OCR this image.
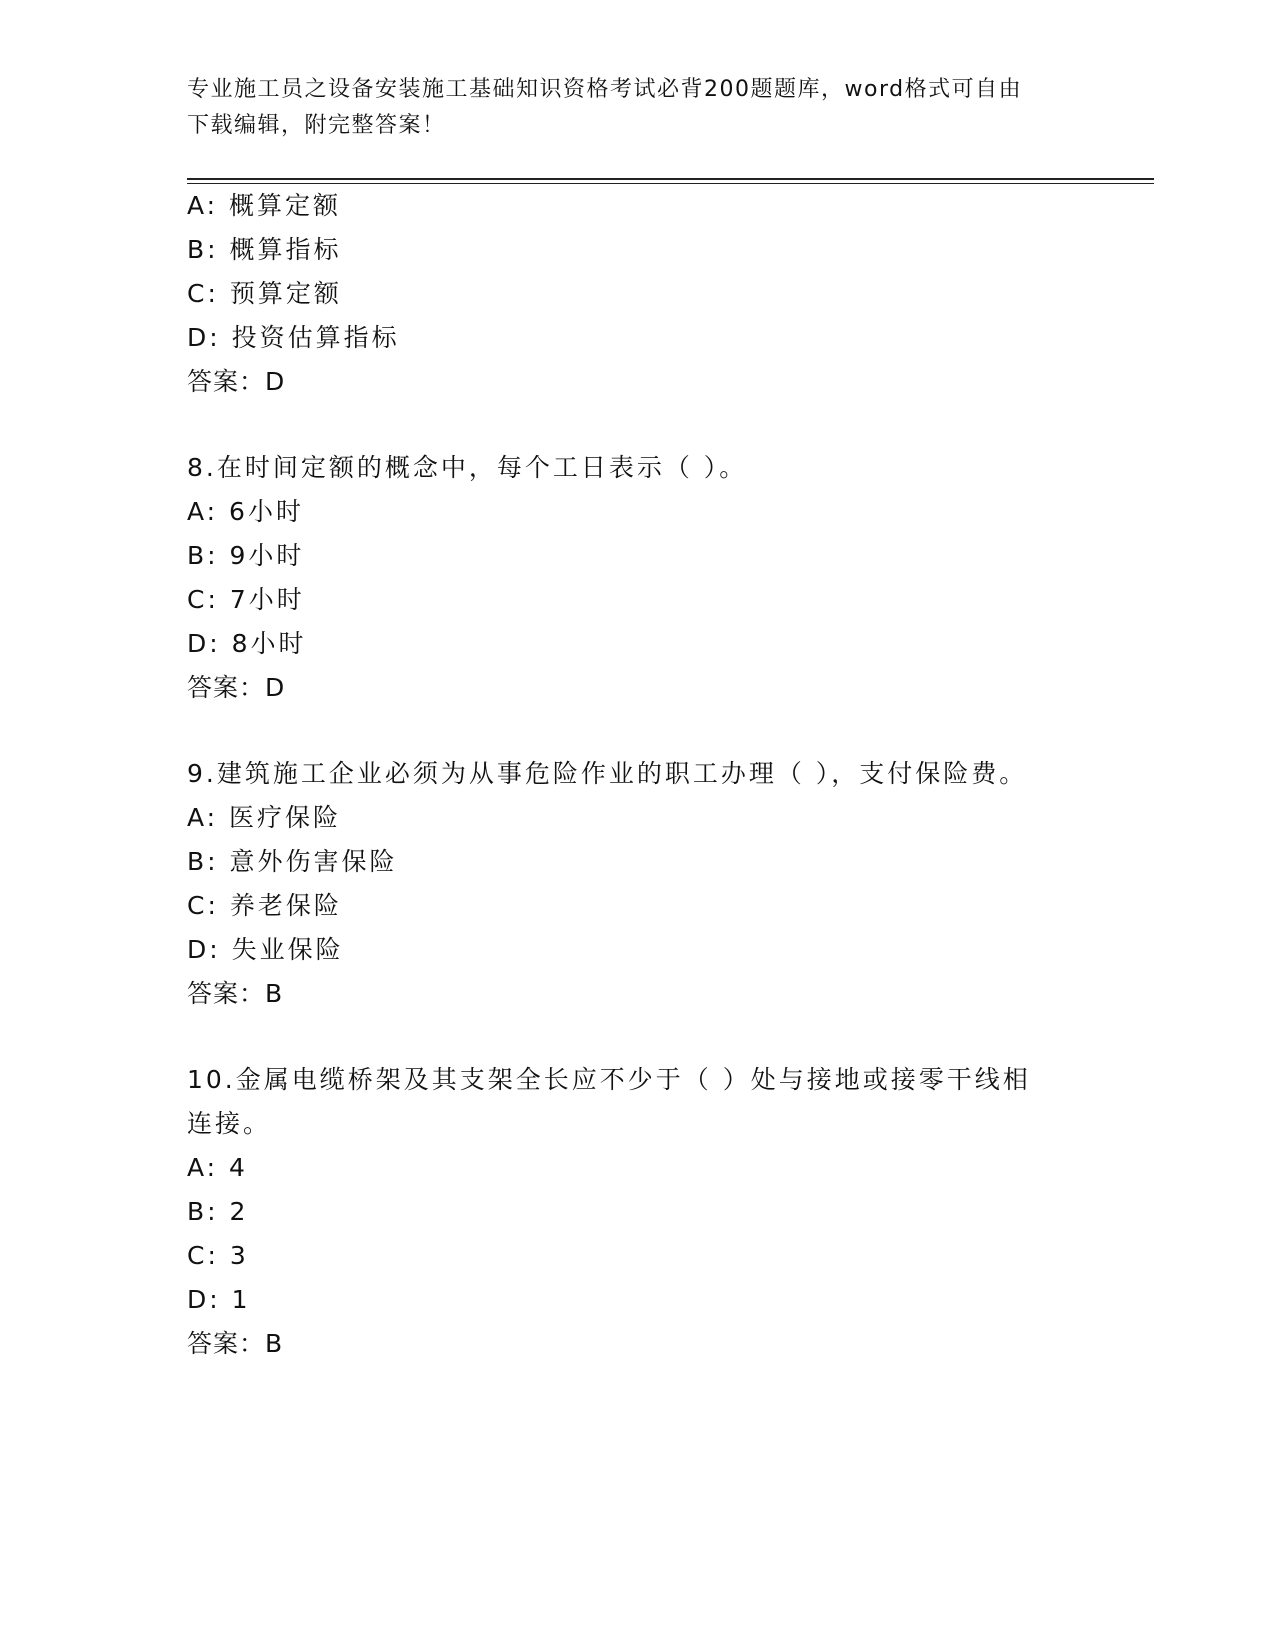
专业施工员之设备安装施工基础知识资格考试必背200题题库，word格式可自由
下载编辑，附完整答案！
A: 概算定额
B: 概算指标
C: 预算定额
D: 投资估算指标
答案：D
8.在时间定额的概念中，每个工日表示（ ）。
A: 6小时
B: 9小时
C: 7小时
D: 8小时
答案：D
9.建筑施工企业必须为从事危险作业的职工办理（ ），支付保险费。
A: 医疗保险
B: 意外伤害保险
C: 养老保险
D: 失业保险
答案：B
10.金属电缆桥架及其支架全长应不少于（ ）处与接地或接零干线相
连接。
A: 4
B: 2
C: 3
D: 1
答案：B
